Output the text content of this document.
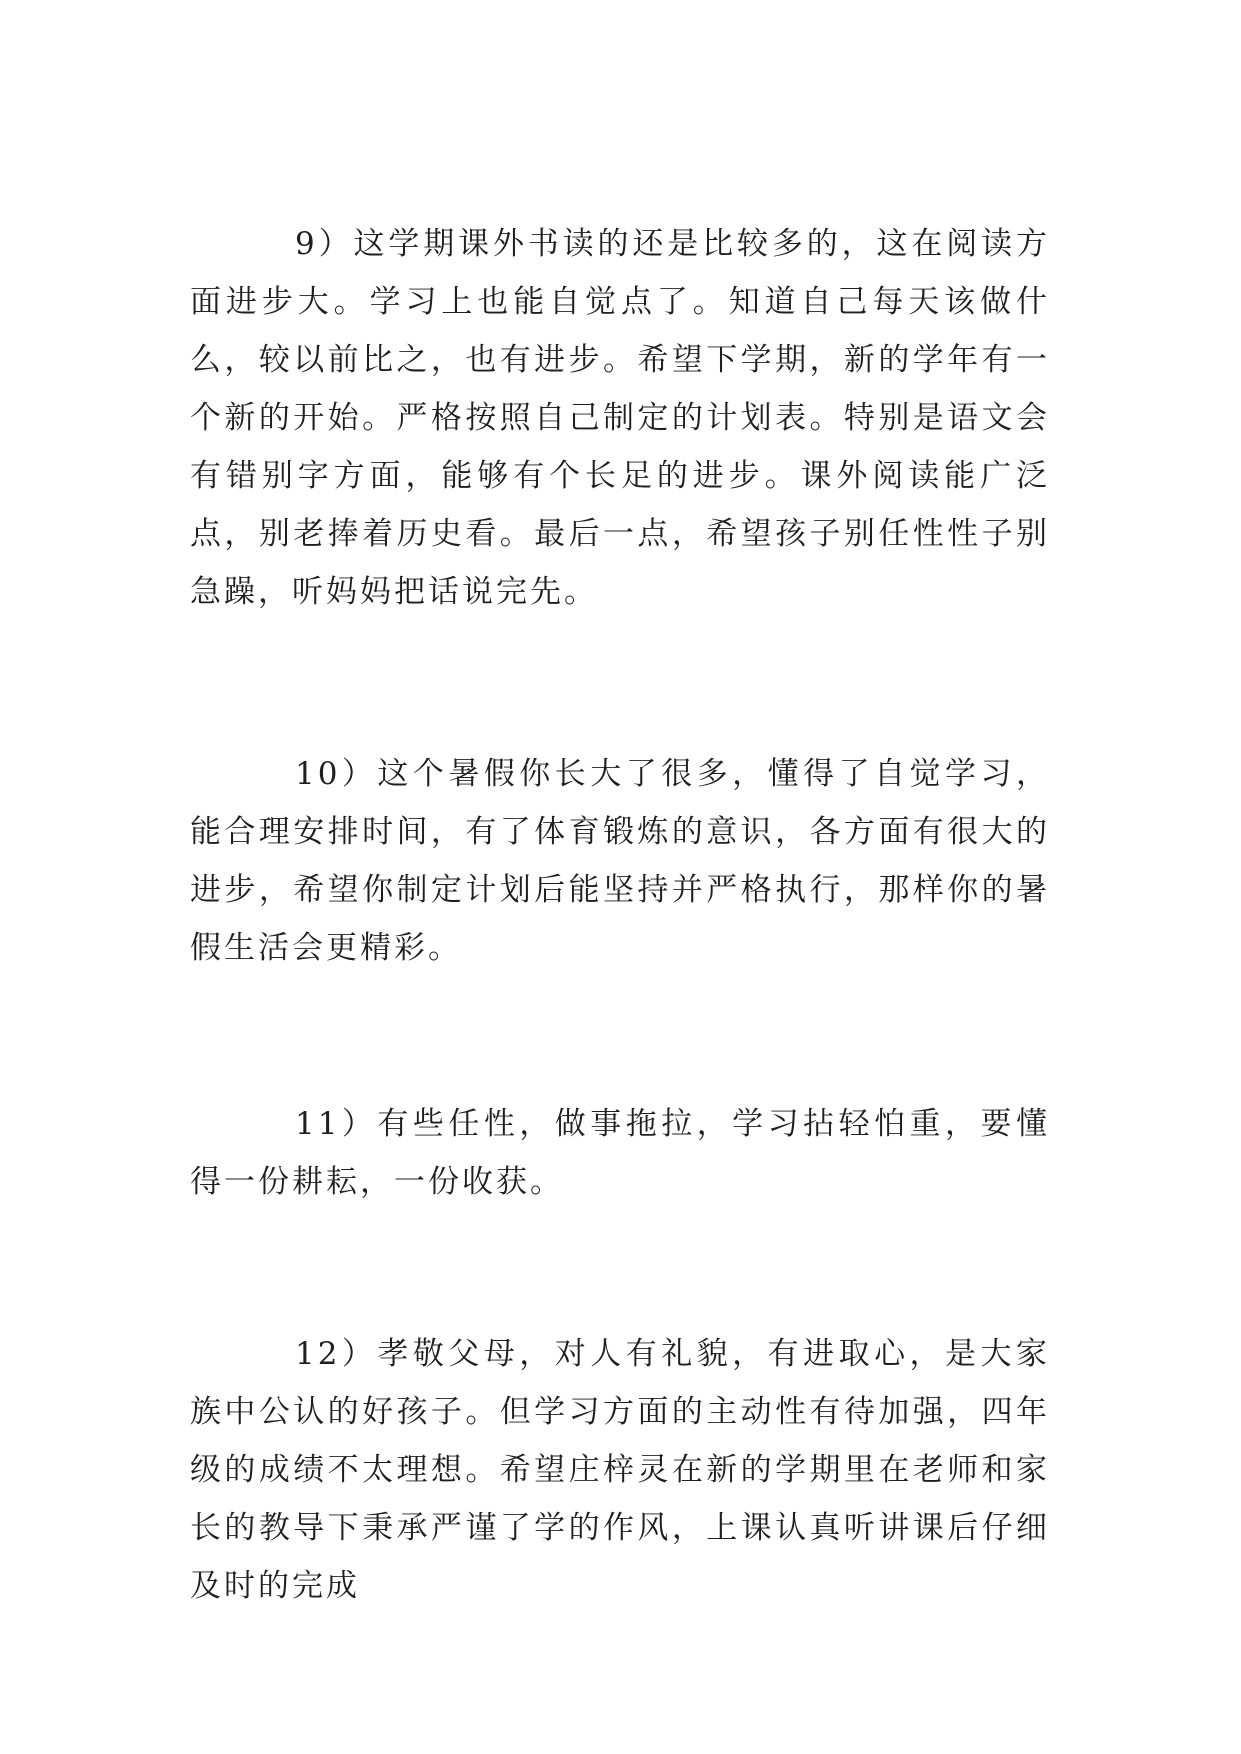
9）这学期课外书读的还是比较多的，这在阅读方面进步大。学习上也能自觉点了。知道自己每天该做什么，较以前比之，也有进步。希望下学期，新的学年有一个新的开始。严格按照自己制定的计划表。特别是语文会有错别字方面，能够有个长足的进步。课外阅读能广泛点，别老捧着历史看。最后一点，希望孩子别任性性子别急躁，听妈妈把话说完先。

10）这个暑假你长大了很多，懂得了自觉学习，能合理安排时间，有了体育锻炼的意识，各方面有很大的进步，希望你制定计划后能坚持并严格执行，那样你的暑假生活会更精彩。

11）有些任性，做事拖拉，学习拈轻怕重，要懂得一份耕耘，一份收获。

12）孝敬父母，对人有礼貌，有进取心，是大家族中公认的好孩子。但学习方面的主动性有待加强，四年级的成绩不太理想。希望庄梓灵在新的学期里在老师和家长的教导下秉承严谨了学的作风，上课认真听讲课后仔细及时的完成
